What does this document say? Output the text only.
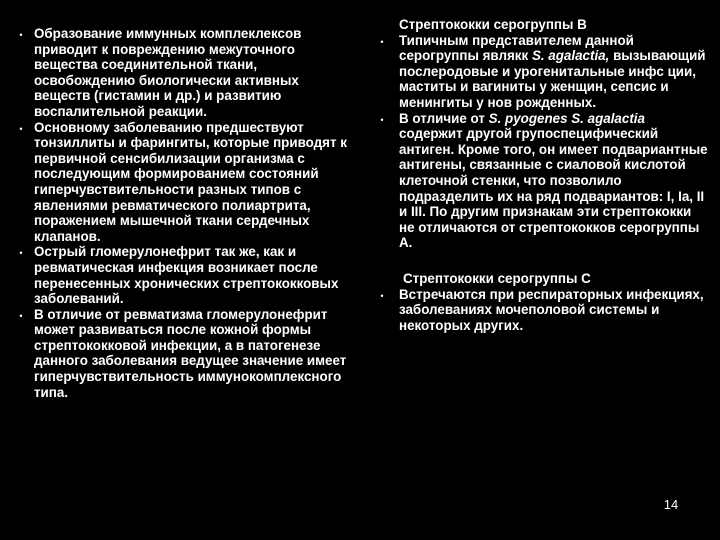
• Образование иммунных комплеклексов приводит к повреждению межуточного вещества соединительной ткани, освобождению биологически активных веществ (гистамин и др.) и развитию воспалительной реакции.
• Основному заболеванию предшествуют тонзиллиты и фарингиты, которые приводят к первичной сенсибилизации организма с последующим формированием состояний гиперчувствительности разных типов с явлениями ревматического полиартрита, поражением мышечной ткани сердечных клапанов.
• Острый гломерулонефрит так же, как и ревматическая инфекция возникает после перенесенных хронических стрептококковых заболеваний.
• В отличие от ревматизма гломерулонефрит может развиваться после кожной формы стрептококковой инфекции, а в патогенезе данного заболевания ведущее значение имеет гиперчувствительность иммунокомплексного типа.
Стрептококки серогруппы В
•	Типичным представителем данной серогруппы являкк S. agalactia, вызывающий послеродовые и урогенитальные инфс ции, маститы и вагиниты у женщин, сепсис и менингиты у нов рожденных.
•	В отличие от S. pyogenes S. agalactia содержит другой групоспецифический антиген. Кроме того, он имеет подвариантные антигены, связанные с сиаловой кислотой клеточной стенки, что позволило подразделить их на ряд подвариантов: I, Ia, II и III. По другим признакам эти стрептококки не отличаются от стрептококков серогруппы А.
Стрептококки серогруппы С
•	Встречаются при респираторных инфекциях, заболеваниях мочеполовой системы и некоторых других.
14
